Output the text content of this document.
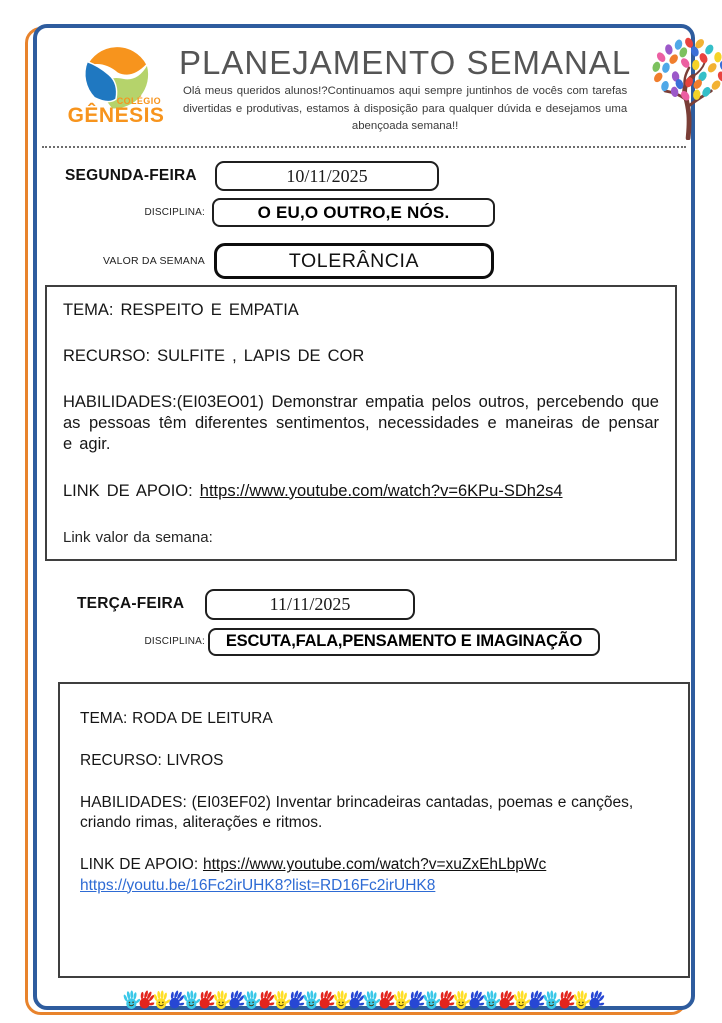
COLÉGIO
GÊNESIS
PLANEJAMENTO SEMANAL

Olá meus queridos alunos!?Continuamos aqui sempre juntinhos de vocês com tarefas divertidas e produtivas, estamos à disposição para qualquer dúvida e desejamos uma abençoada semana!!

SEGUNDA-FEIRA	10/11/2025
DISCIPLINA:	O EU,O OUTRO,E NÓS.
VALOR DA SEMANA	TOLERÂNCIA

TEMA: RESPEITO E EMPATIA

RECURSO: SULFITE , LAPIS DE COR

HABILIDADES:(EI03EO01) Demonstrar empatia pelos outros, percebendo que as pessoas têm diferentes sentimentos, necessidades e maneiras de pensar e agir.

LINK DE APOIO: https://www.youtube.com/watch?v=6KPu-SDh2s4

Link valor da semana:

TERÇA-FEIRA	11/11/2025
DISCIPLINA:	ESCUTA,FALA,PENSAMENTO E IMAGINAÇÃO

TEMA: RODA DE LEITURA

RECURSO: LIVROS

HABILIDADES: (EI03EF02) Inventar brincadeiras cantadas, poemas e canções, criando rimas, aliterações e ritmos.

LINK DE APOIO: https://www.youtube.com/watch?v=xuZxEhLbpWc

https://youtu.be/16Fc2irUHK8?list=RD16Fc2irUHK8
